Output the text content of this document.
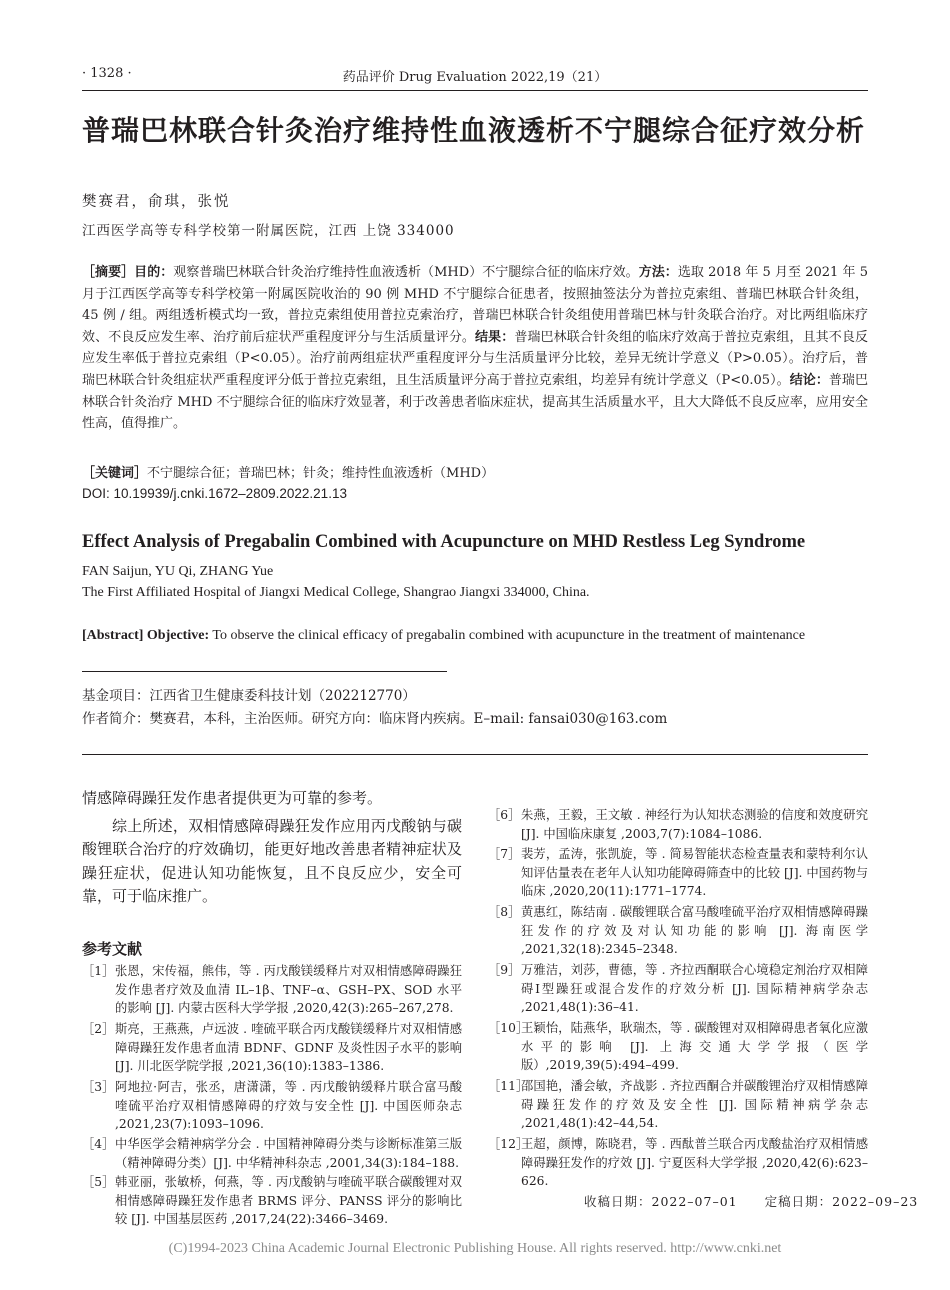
· 1328 ·	药品评价 Drug Evaluation 2022,19（21）
普瑞巴林联合针灸治疗维持性血液透析不宁腿综合征疗效分析
樊赛君，俞琪，张悦
江西医学高等专科学校第一附属医院，江西 上饶 334000
［摘要］目的：观察普瑞巴林联合针灸治疗维持性血液透析（MHD）不宁腿综合征的临床疗效。方法：选取 2018 年 5 月至 2021 年 5 月于江西医学高等专科学校第一附属医院收治的 90 例 MHD 不宁腿综合征患者，按照抽签法分为普拉克索组、普瑞巴林联合针灸组，45 例 / 组。两组透析模式均一致，普拉克索组使用普拉克索治疗，普瑞巴林联合针灸组使用普瑞巴林与针灸联合治疗。对比两组临床疗效、不良反应发生率、治疗前后症状严重程度评分与生活质量评分。结果：普瑞巴林联合针灸组的临床疗效高于普拉克索组，且其不良反应发生率低于普拉克索组（P<0.05）。治疗前两组症状严重程度评分与生活质量评分比较，差异无统计学意义（P>0.05）。治疗后，普瑞巴林联合针灸组症状严重程度评分低于普拉克索组，且生活质量评分高于普拉克索组，均差异有统计学意义（P<0.05）。结论：普瑞巴林联合针灸治疗 MHD 不宁腿综合征的临床疗效显著，利于改善患者临床症状，提高其生活质量水平，且大大降低不良反应率，应用安全性高，值得推广。
［关键词］不宁腿综合征；普瑞巴林；针灸；维持性血液透析（MHD）
DOI: 10.19939/j.cnki.1672–2809.2022.21.13
Effect Analysis of Pregabalin Combined with Acupuncture on MHD Restless Leg Syndrome
FAN Saijun, YU Qi, ZHANG Yue
The First Affiliated Hospital of Jiangxi Medical College, Shangrao Jiangxi 334000, China.
[Abstract] Objective: To observe the clinical efficacy of pregabalin combined with acupuncture in the treatment of maintenance
基金项目：江西省卫生健康委科技计划（202212770）
作者简介：樊赛君，本科，主治医师。研究方向：临床肾内疾病。E–mail: fansai030@163.com

情感障碍躁狂发作患者提供更为可靠的参考。

综上所述，双相情感障碍躁狂发作应用丙戊酸钠与碳酸锂联合治疗的疗效确切，能更好地改善患者精神症状及躁狂症状，促进认知功能恢复，且不良反应少，安全可靠，可于临床推广。

参考文献
［1］ 张恩，宋传福，熊伟，等 . 丙戊酸镁缓释片对双相情感障碍躁狂发作患者疗效及血清 IL–1β、TNF–α、GSH–PX、SOD 水平的影响 [J]. 内蒙古医科大学学报 ,2020,42(3):265–267,278.
［2］ 斯亮，王燕燕，卢远波 . 喹硫平联合丙戊酸镁缓释片对双相情感障碍躁狂发作患者血清 BDNF、GDNF 及炎性因子水平的影响 [J]. 川北医学院学报 ,2021,36(10):1383–1386.
［3］ 阿地拉·阿吉，张丞，唐潇潇，等 . 丙戊酸钠缓释片联合富马酸喹硫平治疗双相情感障碍的疗效与安全性 [J]. 中国医师杂志 ,2021,23(7):1093–1096.
［4］ 中华医学会精神病学分会 . 中国精神障碍分类与诊断标准第三版（精神障碍分类）[J]. 中华精神科杂志 ,2001,34(3):184–188.
［5］ 韩亚丽，张敏桥，何燕，等 . 丙戊酸钠与喹硫平联合碳酸锂对双相情感障碍躁狂发作患者 BRMS 评分、PANSS 评分的影响比较 [J]. 中国基层医药 ,2017,24(22):3466–3469.
［6］ 朱燕，王毅，王文敏 . 神经行为认知状态测验的信度和效度研究 [J]. 中国临床康复 ,2003,7(7):1084–1086.
［7］ 裴芳，孟涛，张凯旋，等 . 简易智能状态检查量表和蒙特利尔认知评估量表在老年人认知功能障碍筛查中的比较 [J]. 中国药物与临床 ,2020,20(11):1771–1774.
［8］ 黄惠红，陈结南 . 碳酸锂联合富马酸喹硫平治疗双相情感障碍躁狂发作的疗效及对认知功能的影响 [J]. 海南医学 ,2021,32(18):2345–2348.
［9］ 万雅洁，刘莎，曹德，等 . 齐拉西酮联合心境稳定剂治疗双相障碍Ⅰ型躁狂或混合发作的疗效分析 [J]. 国际精神病学杂志 ,2021,48(1):36–41.
［10］
王颖怡，陆燕华，耿瑞杰，等 . 碳酸锂对双相障碍患者氧化应激水平的影响 [J]. 上海交通大学学报（医学版）,2019,39(5):494–499.
［11］
邵国艳，潘会敏，齐战影 . 齐拉西酮合并碳酸锂治疗双相情感障碍躁狂发作的疗效及安全性 [J]. 国际精神病学杂志 ,2021,48(1):42–44,54.
［12］
王超，颜博，陈晓君，等 . 西酞普兰联合丙戊酸盐治疗双相情感障碍躁狂发作的疗效 [J]. 宁夏医科大学学报 ,2020,42(6):623–626.
收稿日期：2022–07–01　　定稿日期：2022–09–23
(C)1994-2023 China Academic Journal Electronic Publishing House. All rights reserved. http://www.cnki.net
